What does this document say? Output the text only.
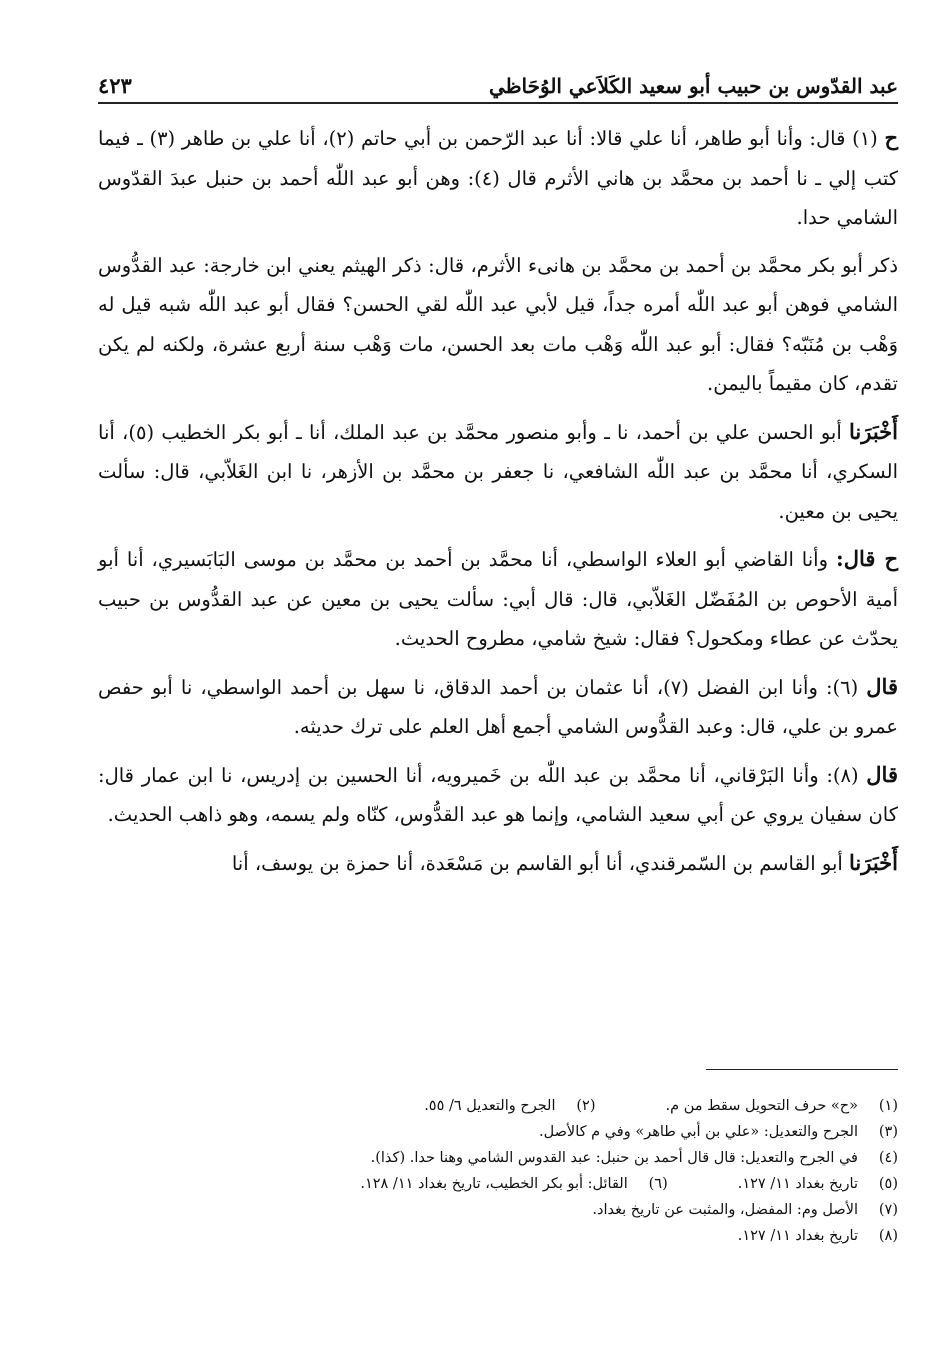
عبد القدّوس بن حبيب أبو سعيد الكَلاَعي الوُحَاظي
٤٢٣

ح (١) قال: وأنا أبو طاهر، أنا علي قالا: أنا عبد الرّحمن بن أبي حاتم (٢)، أنا علي بن طاهر (٣) ـ فيما كتب إلي ـ نا أحمد بن محمَّد بن هاني الأثرم قال (٤): وهن أبو عبد اللّٰه أحمد بن حنبل عبدَ القدّوس الشامي حدا.

ذكر أبو بكر محمَّد بن أحمد بن محمَّد بن هانىء الأثرم، قال: ذكر الهيثم يعني ابن خارجة: عبد القدُّوس الشامي فوهن أبو عبد اللّٰه أمره جداً، قيل لأبي عبد اللّٰه لقي الحسن؟ فقال أبو عبد اللّٰه شبه قيل له وَهْب بن مُنَبّه؟ فقال: أبو عبد اللّٰه وَهْب مات بعد الحسن، مات وَهْب سنة أربع عشرة، ولكنه لم يكن تقدم، كان مقيماً باليمن.

أَخْبَرَنا أبو الحسن علي بن أحمد، نا ـ وأبو منصور محمَّد بن عبد الملك، أنا ـ أبو بكر الخطيب (٥)، أنا السكري، أنا محمَّد بن عبد اللّٰه الشافعي، نا جعفر بن محمَّد بن الأزهر، نا ابن الغَلاّبي، قال: سألت يحيى بن معين.

ح قال: وأنا القاضي أبو العلاء الواسطي، أنا محمَّد بن أحمد بن محمَّد بن موسى البَابَسيري، أنا أبو أمية الأحوص بن المُفَضّل الغَلاّبي، قال: قال أبي: سألت يحيى بن معين عن عبد القدُّوس بن حبيب يحدّث عن عطاء ومكحول؟ فقال: شيخ شامي، مطروح الحديث.

قال (٦): وأنا ابن الفضل (٧)، أنا عثمان بن أحمد الدقاق، نا سهل بن أحمد الواسطي، نا أبو حفص عمرو بن علي، قال: وعبد القدُّوس الشامي أجمع أهل العلم على ترك حديثه.

قال (٨): وأنا البَرْقاني، أنا محمَّد بن عبد اللّٰه بن خَميرويه، أنا الحسين بن إدريس، نا ابن عمار قال: كان سفيان يروي عن أبي سعيد الشامي، وإنما هو عبد القدُّوس، كنّاه ولم يسمه، وهو ذاهب الحديث.

أَخْبَرَنا أبو القاسم بن السّمرقندي، أنا أبو القاسم بن مَسْعَدة، أنا حمزة بن يوسف، أنا

(١)«ح» حرف التحويل سقط من م.
(٢)الجرح والتعديل ٦/ ٥٥.
(٣)الجرح والتعديل: «علي بن أبي طاهر» وفي م كالأصل.
(٤)في الجرح والتعديل: قال قال أحمد بن حنبل: عبد القدوس الشامي وهنا حدا. (كذا).
(٥)تاريخ بغداد ١١/ ١٢٧.
(٦)القائل: أبو بكر الخطيب، تاريخ بغداد ١١/ ١٢٨.
(٧)الأصل وم: المفضل، والمثبت عن تاريخ بغداد.
(٨)تاريخ بغداد ١١/ ١٢٧.
